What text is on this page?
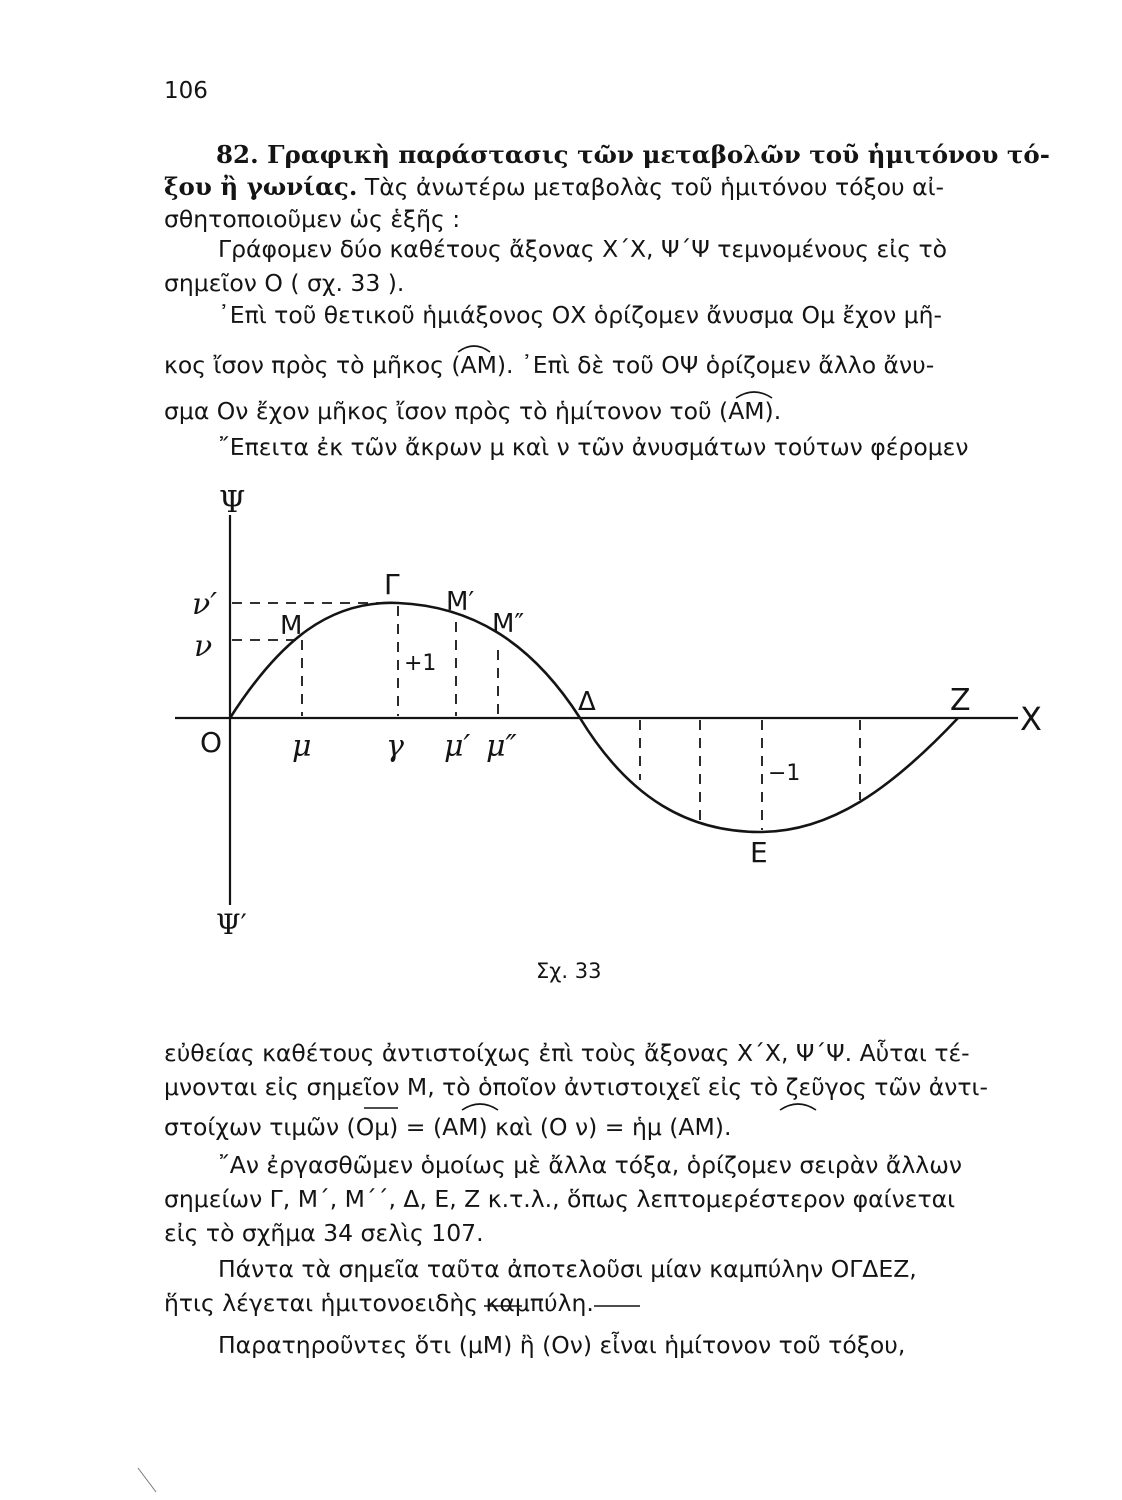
106
82. Γραφικὴ παράστασις τῶν μεταβολῶν τοῦ ἡμιτόνου τό-
ξου ἢ γωνίας. Τὰς ἀνωτέρω μεταβολὰς τοῦ ἡμιτόνου τόξου αἰ-
σθητοποιοῦμεν ὡς ἑξῆς :
Γράφομεν δύο καθέτους ἄξονας Χ΄Χ, Ψ΄Ψ τεμνομένους εἰς τὸ
σημεῖον Ο ( σχ. 33 ).
᾿Επὶ τοῦ θετικοῦ ἡμιάξονος ΟΧ ὁρίζομεν ἄνυσμα Ομ ἔχον μῆ-
κος ἴσον πρὸς τὸ μῆκος (ΑΜ). ᾿Επὶ δὲ τοῦ ΟΨ ὁρίζομεν ἄλλο ἄνυ-
σμα Ον ἔχον μῆκος ἴσον πρὸς τὸ ἡμίτονον τοῦ (ΑΜ).
῎Επειτα ἐκ τῶν ἄκρων μ καὶ ν τῶν ἀνυσμάτων τούτων φέρομεν
Ψ
Ψ′
ν′
ν
Ο
Χ
Μ
Γ
Μ′
Μ″
+1
Δ	Ζ
−1
Ε
μ γ μ′ μ″
Σχ. 33
εὐθείας καθέτους ἀντιστοίχως ἐπὶ τοὺς ἄξονας Χ΄Χ, Ψ΄Ψ. Αὗται τέ-
μνονται εἰς σημεῖον Μ, τὸ ὁποῖον ἀντιστοιχεῖ εἰς τὸ ζεῦγος τῶν ἀντι-
στοίχων τιμῶν (Ομ) = (ΑΜ) καὶ (Ο ν) = ἡμ (ΑΜ).
῎Αν ἐργασθῶμεν ὁμοίως μὲ ἄλλα τόξα, ὁρίζομεν σειρὰν ἄλλων
σημείων Γ, Μ΄, Μ΄΄, Δ, Ε, Ζ κ.τ.λ., ὅπως λεπτομερέστερον φαίνεται
εἰς τὸ σχῆμα 34 σελὶς 107.
Πάντα τὰ σημεῖα ταῦτα ἀποτελοῦσι μίαν καμπύλην ΟΓΔΕΖ,
ἥτις λέγεται ἡμιτονοειδὴς καμπύλη.
Παρατηροῦντες ὅτι (μΜ) ἢ (Ον) εἶναι ἡμίτονον τοῦ τόξου,
